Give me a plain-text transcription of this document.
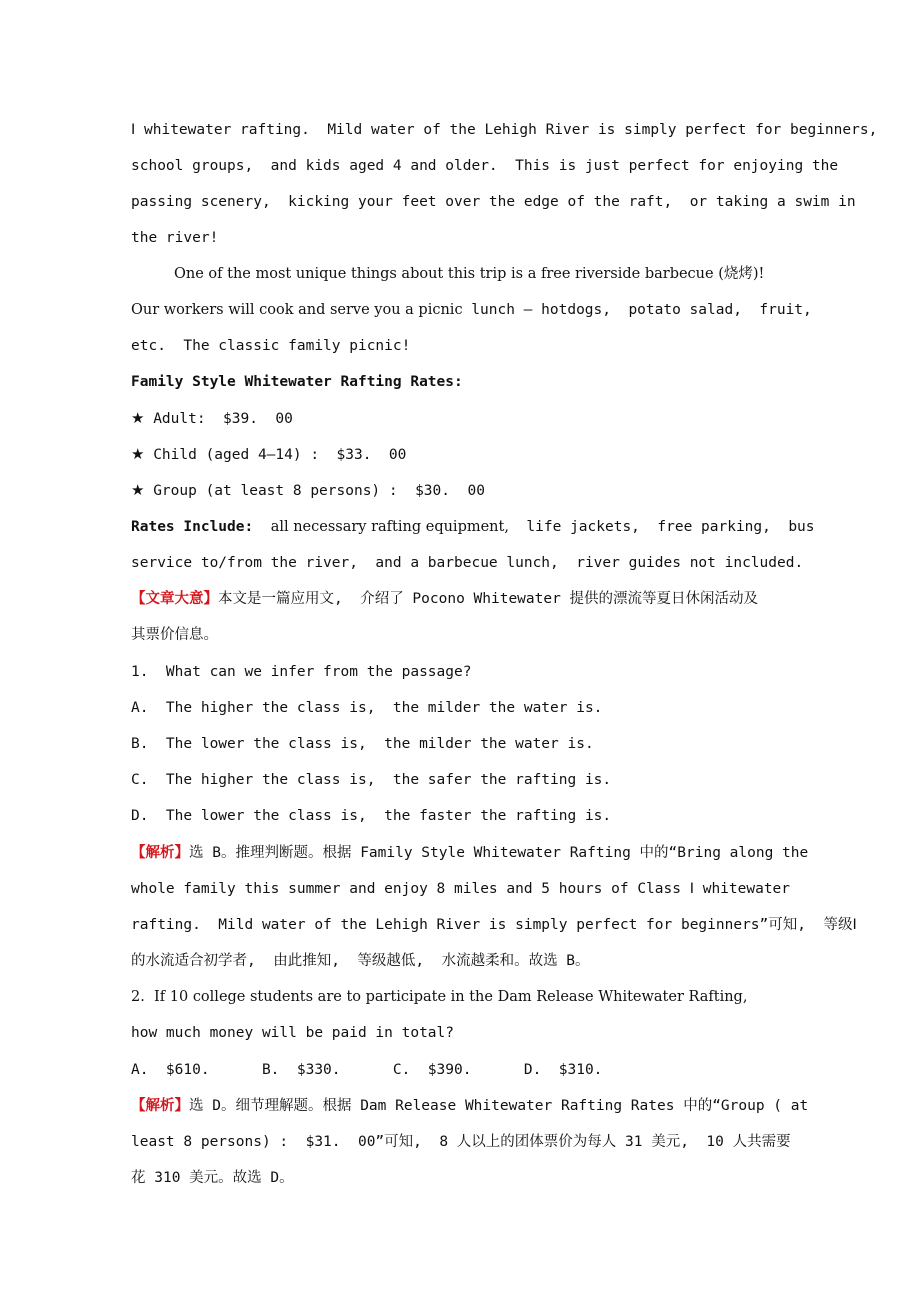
Ⅰ whitewater rafting.  Mild water of the Lehigh River is simply perfect for beginners,
school groups,  and kids aged 4 and older.  This is just perfect for enjoying the
passing scenery,  kicking your feet over the edge of the raft,  or taking a swim in
the river!
One of the most unique things about this trip is a free riverside barbecue (烧烤)!
Our workers will cook and serve you a picnic lunch — hotdogs,  potato salad,  fruit,
etc.  The classic family picnic!
Family Style Whitewater Rafting Rates:
★ Adult:  $39.  00
★ Child (aged 4—14) :  $33.  00
★ Group (at least 8 persons) :  $30.  00
Rates Include: all necessary rafting equipment,  life jackets,  free parking,  bus
service to/from the river,  and a barbecue lunch,  river guides not included.
【文章大意】本文是一篇应用文,  介绍了 Pocono Whitewater 提供的漂流等夏日休闲活动及
其票价信息。
1.  What can we infer from the passage?
A.  The higher the class is,  the milder the water is.
B.  The lower the class is,  the milder the water is.
C.  The higher the class is,  the safer the rafting is.
D.  The lower the class is,  the faster the rafting is.
【解析】选 B。推理判断题。根据 Family Style Whitewater Rafting 中的“Bring along the
whole family this summer and enjoy 8 miles and 5 hours of Class Ⅰ whitewater
rafting.  Mild water of the Lehigh River is simply perfect for beginners”可知,  等级Ⅰ
的水流适合初学者,  由此推知,  等级越低,  水流越柔和。故选 B。
2.  If 10 college students are to participate in the Dam Release Whitewater Rafting,
how much money will be paid in total?
A.  $610.      B.  $330.      C.  $390.      D.  $310.
【解析】选 D。细节理解题。根据 Dam Release Whitewater Rafting Rates 中的“Group ( at
least 8 persons) :  $31.  00”可知,  8 人以上的团体票价为每人 31 美元,  10 人共需要
花 310 美元。故选 D。
